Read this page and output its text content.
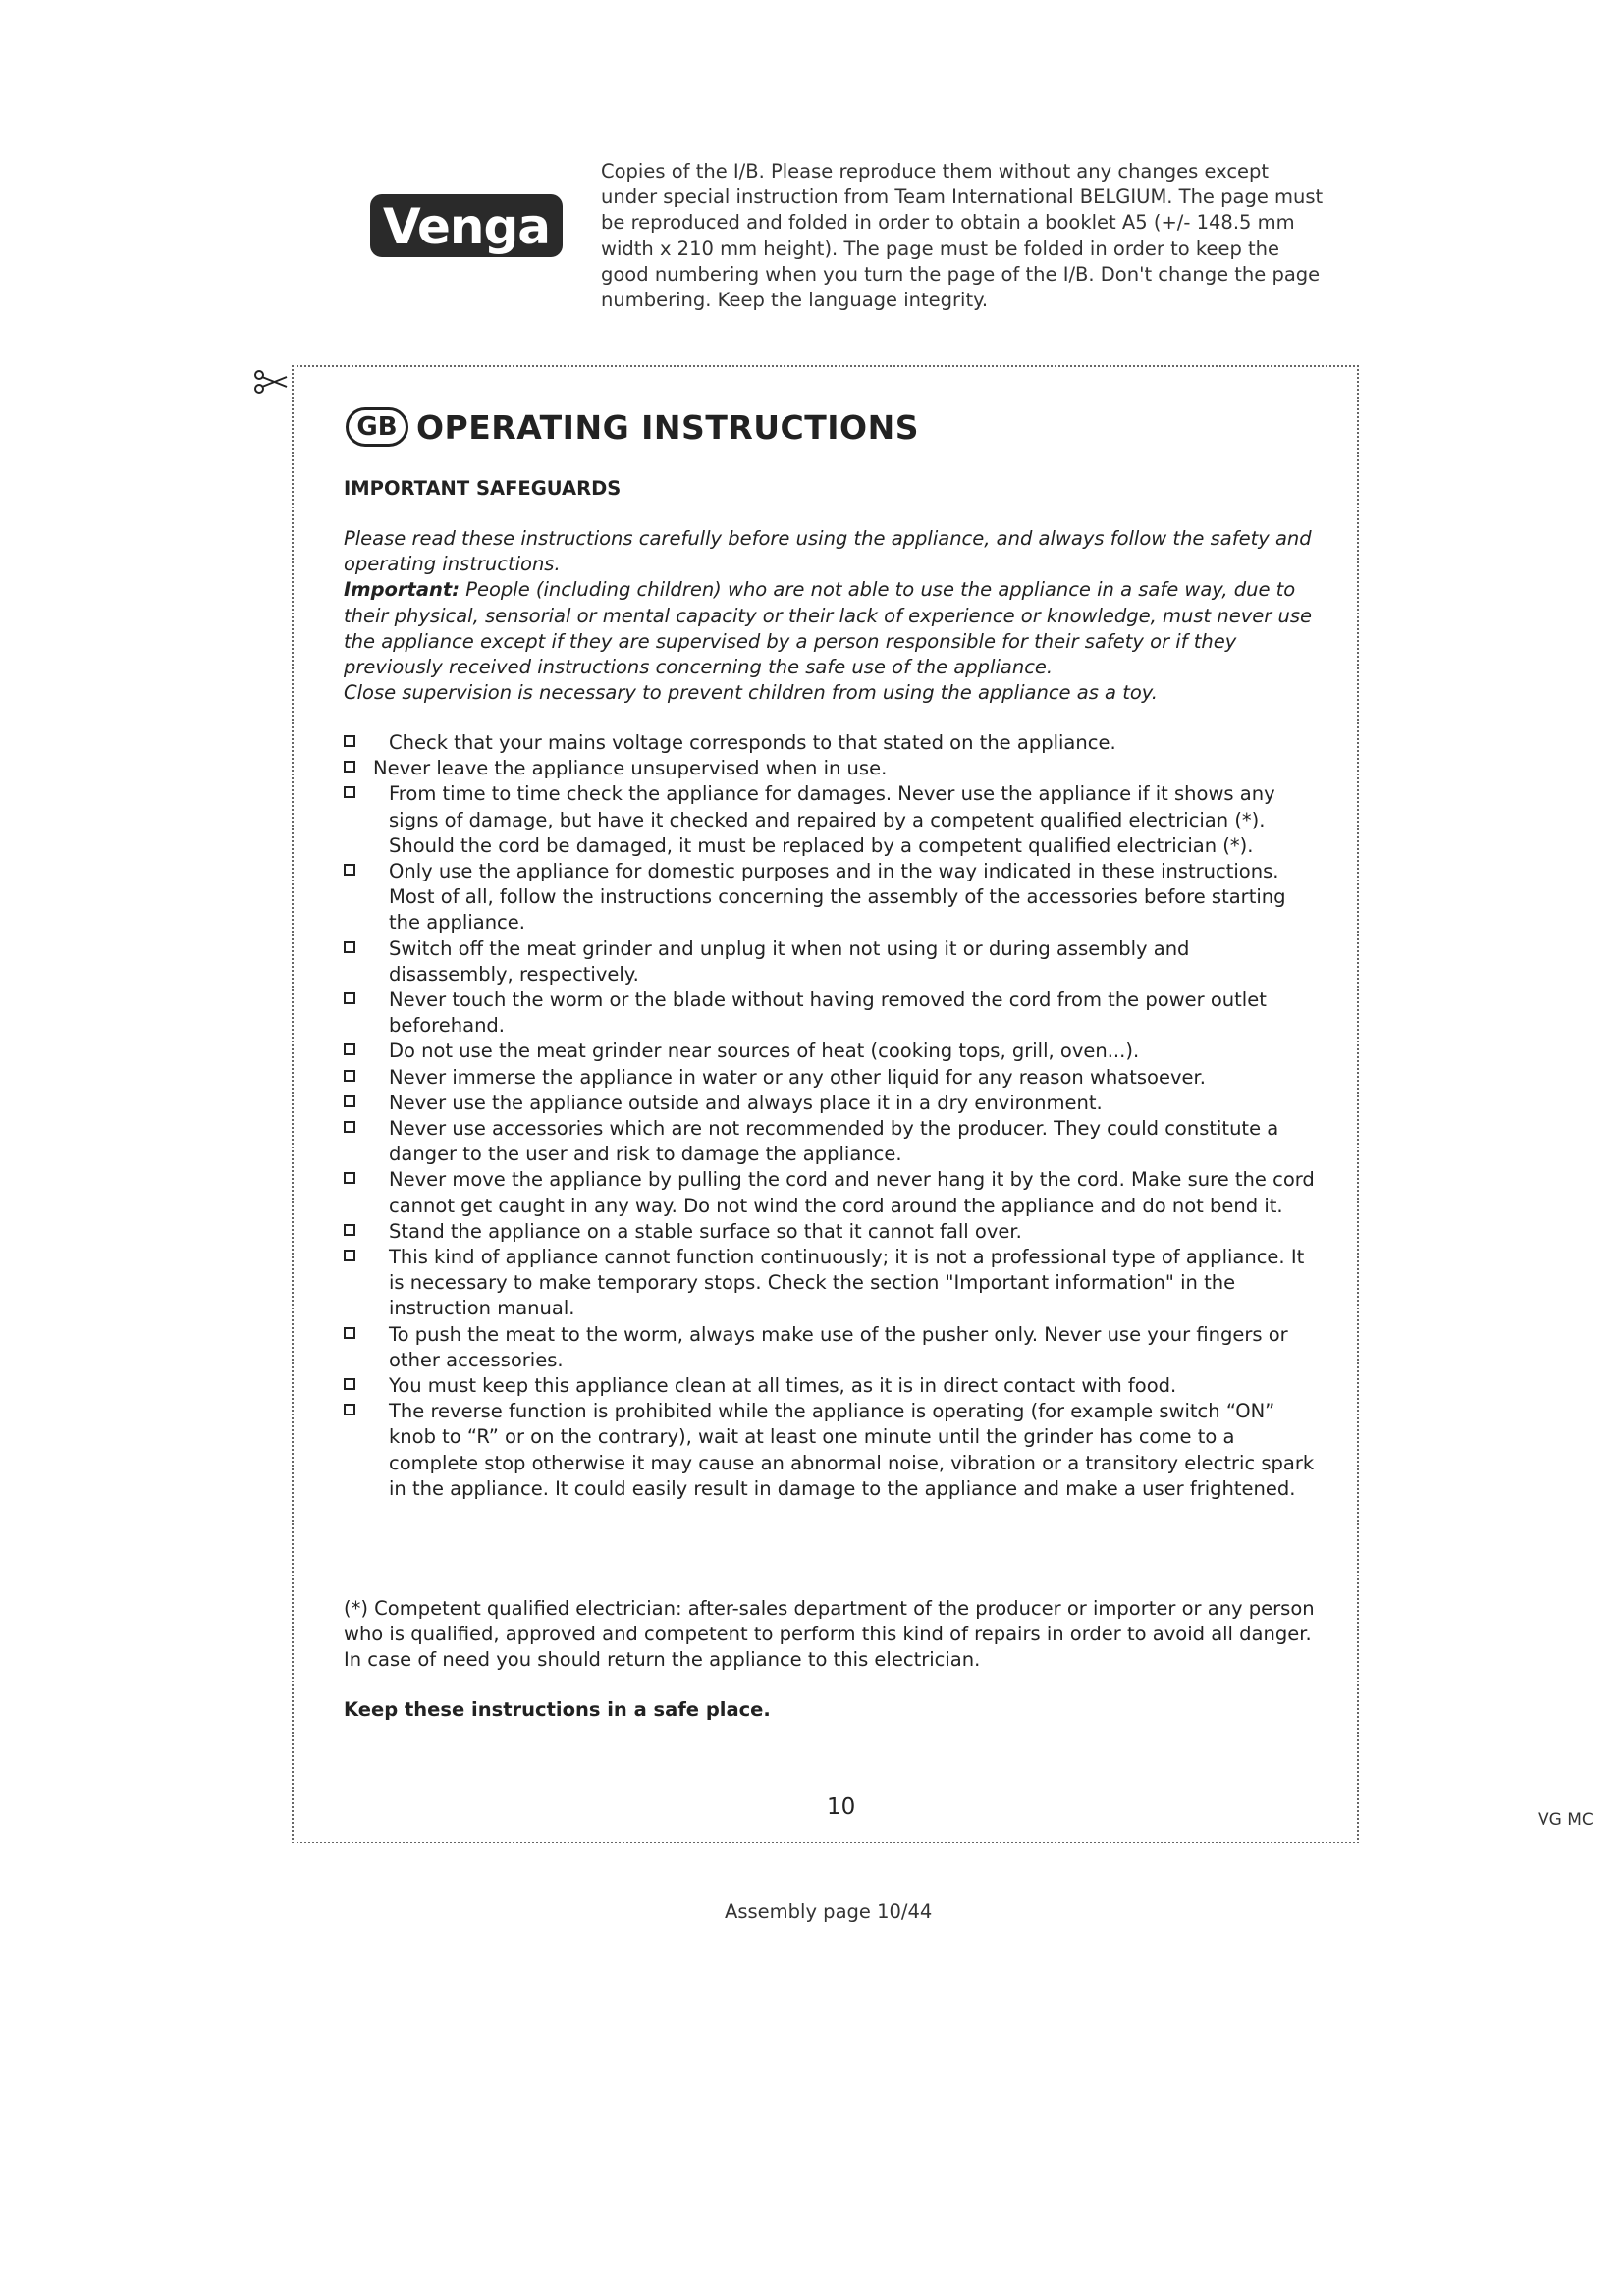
Venga
Copies of the I/B. Please reproduce them without any changes except under special instruction from Team International BELGIUM. The page must be reproduced and folded in order to obtain a booklet A5 (+/- 148.5 mm width x 210 mm height). The page must be folded in order to keep the good numbering when you turn the page of the I/B. Don't change the page numbering. Keep the language integrity.
GB OPERATING INSTRUCTIONS
IMPORTANT SAFEGUARDS

Please read these instructions carefully before using the appliance, and always follow the safety and operating instructions.

Important: People (including children) who are not able to use the appliance in a safe way, due to their physical, sensorial or mental capacity or their lack of experience or knowledge, must never use the appliance except if they are supervised by a person responsible for their safety or if they previously received instructions concerning the safe use of the appliance.

Close supervision is necessary to prevent children from using the appliance as a toy.

Check that your mains voltage corresponds to that stated on the appliance.
Never leave the appliance unsupervised when in use.
From time to time check the appliance for damages. Never use the appliance if it shows any signs of damage, but have it checked and repaired by a competent qualified electrician (*). Should the cord be damaged, it must be replaced by a competent qualified electrician (*).
Only use the appliance for domestic purposes and in the way indicated in these instructions. Most of all, follow the instructions concerning the assembly of the accessories before starting the appliance.
Switch off the meat grinder and unplug it when not using it or during assembly and disassembly, respectively.
Never touch the worm or the blade without having removed the cord from the power outlet beforehand.
Do not use the meat grinder near sources of heat (cooking tops, grill, oven...).
Never immerse the appliance in water or any other liquid for any reason whatsoever.
Never use the appliance outside and always place it in a dry environment.
Never use accessories which are not recommended by the producer. They could constitute a danger to the user and risk to damage the appliance.
Never move the appliance by pulling the cord and never hang it by the cord. Make sure the cord cannot get caught in any way. Do not wind the cord around the appliance and do not bend it.
Stand the appliance on a stable surface so that it cannot fall over.
This kind of appliance cannot function continuously; it is not a professional type of appliance. It is necessary to make temporary stops. Check the section "Important information" in the instruction manual.
To push the meat to the worm, always make use of the pusher only. Never use your fingers or other accessories.
You must keep this appliance clean at all times, as it is in direct contact with food.
The reverse function is prohibited while the appliance is operating (for example switch “ON” knob to “R” or on the contrary), wait at least one minute until the grinder has come to a complete stop otherwise it may cause an abnormal noise, vibration or a transitory electric spark in the appliance. It could easily result in damage to the appliance and make a user frightened.
(*) Competent qualified electrician: after-sales department of the producer or importer or any person who is qualified, approved and competent to perform this kind of repairs in order to avoid all danger. In case of need you should return the appliance to this electrician.
Keep these instructions in a safe place.
10	VG MC
Assembly page 10/44
